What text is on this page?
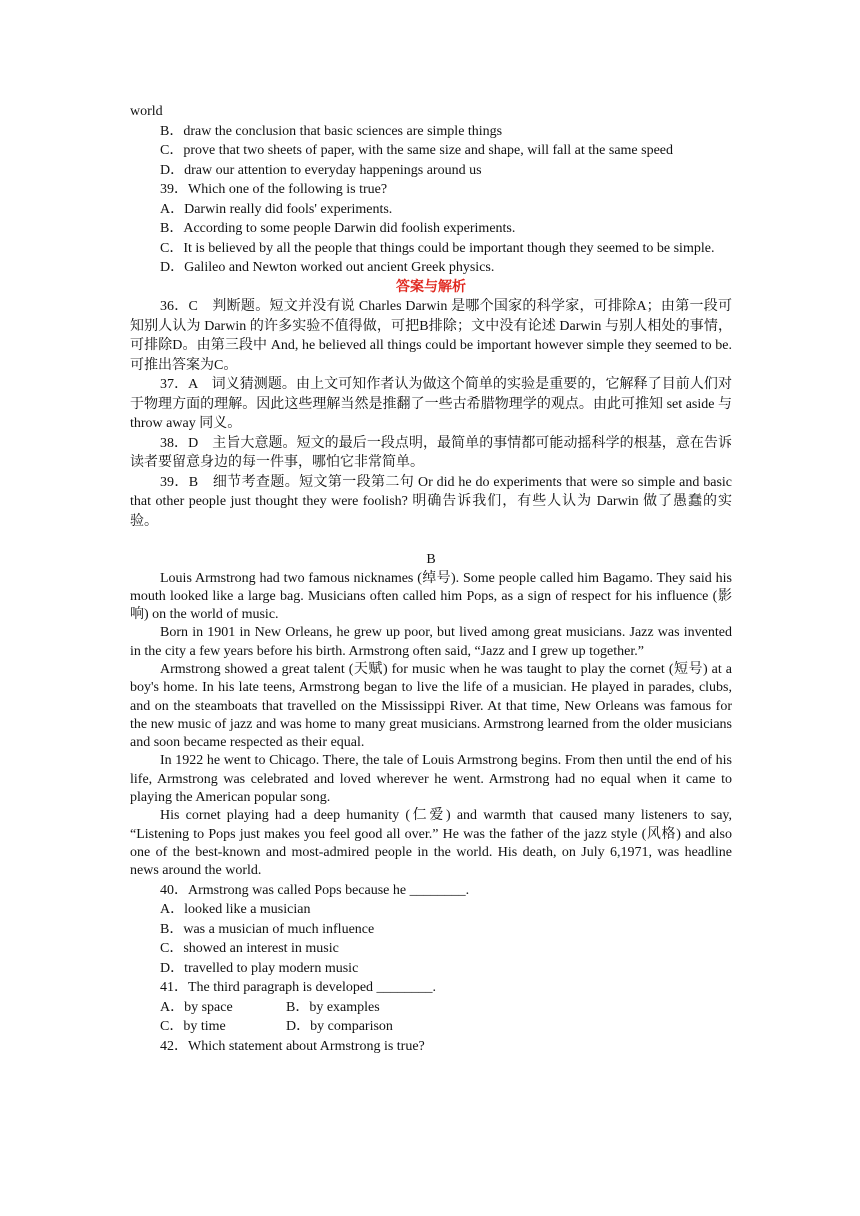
world
B．draw the conclusion that basic sciences are simple things
C．prove that two sheets of paper, with the same size and shape, will fall at the same speed
D．draw our attention to everyday happenings around us
39．Which one of the following is true?
A．Darwin really did fools' experiments.
B．According to some people Darwin did foolish experiments.
C．It is believed by all the people that things could be important though they seemed to be simple.
D．Galileo and Newton worked out ancient Greek physics.
答案与解析
36．C　判断题。短文并没有说 Charles Darwin 是哪个国家的科学家，可排除A；由第一段可知别人认为 Darwin 的许多实验不值得做，可把B排除；文中没有论述 Darwin 与别人相处的事情，可排除D。由第三段中 And, he believed all things could be important however simple they seemed to be. 可推出答案为C。
37．A　词义猜测题。由上文可知作者认为做这个简单的实验是重要的，它解释了目前人们对于物理方面的理解。因此这些理解当然是推翻了一些古希腊物理学的观点。由此可推知 set aside 与 throw away 同义。
38．D　主旨大意题。短文的最后一段点明，最简单的事情都可能动摇科学的根基，意在告诉读者要留意身边的每一件事，哪怕它非常简单。
39．B　细节考查题。短文第一段第二句 Or did he do experiments that were so simple and basic that other people just thought they were foolish? 明确告诉我们，有些人认为 Darwin 做了愚蠢的实验。
B
Louis Armstrong had two famous nicknames (绰号). Some people called him Bagamo. They said his mouth looked like a large bag. Musicians often called him Pops, as a sign of respect for his influence (影响) on the world of music.
Born in 1901 in New Orleans, he grew up poor, but lived among great musicians. Jazz was invented in the city a few years before his birth. Armstrong often said, “Jazz and I grew up together.”
Armstrong showed a great talent (天赋) for music when he was taught to play the cornet (短号) at a boy's home. In his late teens, Armstrong began to live the life of a musician. He played in parades, clubs, and on the steamboats that travelled on the Mississippi River. At that time, New Orleans was famous for the new music of jazz and was home to many great musicians. Armstrong learned from the older musicians and soon became respected as their equal.
In 1922 he went to Chicago. There, the tale of Louis Armstrong begins. From then until the end of his life, Armstrong was celebrated and loved wherever he went. Armstrong had no equal when it came to playing the American popular song.
His cornet playing had a deep humanity (仁爱) and warmth that caused many listeners to say, “Listening to Pops just makes you feel good all over.” He was the father of the jazz style (风格) and also one of the best-known and most-admired people in the world. His death, on July 6,1971, was headline news around the world.
40．Armstrong was called Pops because he ________.
A．looked like a musician
B．was a musician of much influence
C．showed an interest in music
D．travelled to play modern music
41．The third paragraph is developed ________.
A．by space	B．by examples
C．by time	D．by comparison
42．Which statement about Armstrong is true?
